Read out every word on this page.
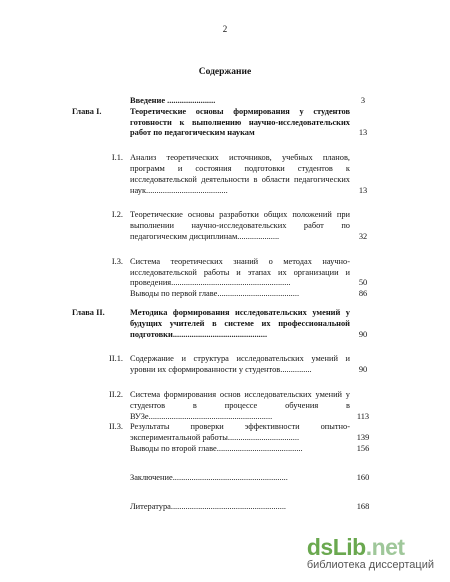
2
Содержание
Введение .......................	3
Глава I.	Теоретические основы формирования у студентов готовности к выполнению научно-исследовательских работ по педагогическим наукам	13
I.1. Анализ теоретических источников, учебных планов, программ и состояния подготовки студентов к исследовательской деятельности в области педагогических наук.......................................	13
I.2. Теоретические основы разработки общих положений при выполнении научно-исследовательских работ по педагогическим дисциплинам....................	32
I.3. Система теоретических знаний о методах научно-исследовательской работы и этапах их организации и проведения.........................................................	50
Выводы по первой главе.......................................	86
Глава II.	Методика формирования исследовательских умений у будущих учителей в системе их профессиональной подготовки.............................................	90
II.1. Содержание и структура исследовательских умений и уровни их сформированности у студентов...............	90
II.2. Система формирования основ исследовательских умений у студентов в процессе обучения в ВУЗе...........................................................	113
II.3. Результаты проверки эффективности опытно-экспериментальной работы..................................	139
Выводы по второй главе.........................................	156
Заключение.......................................................	160
Литература.......................................................	168
dsLib.net
библиотека диссертаций
